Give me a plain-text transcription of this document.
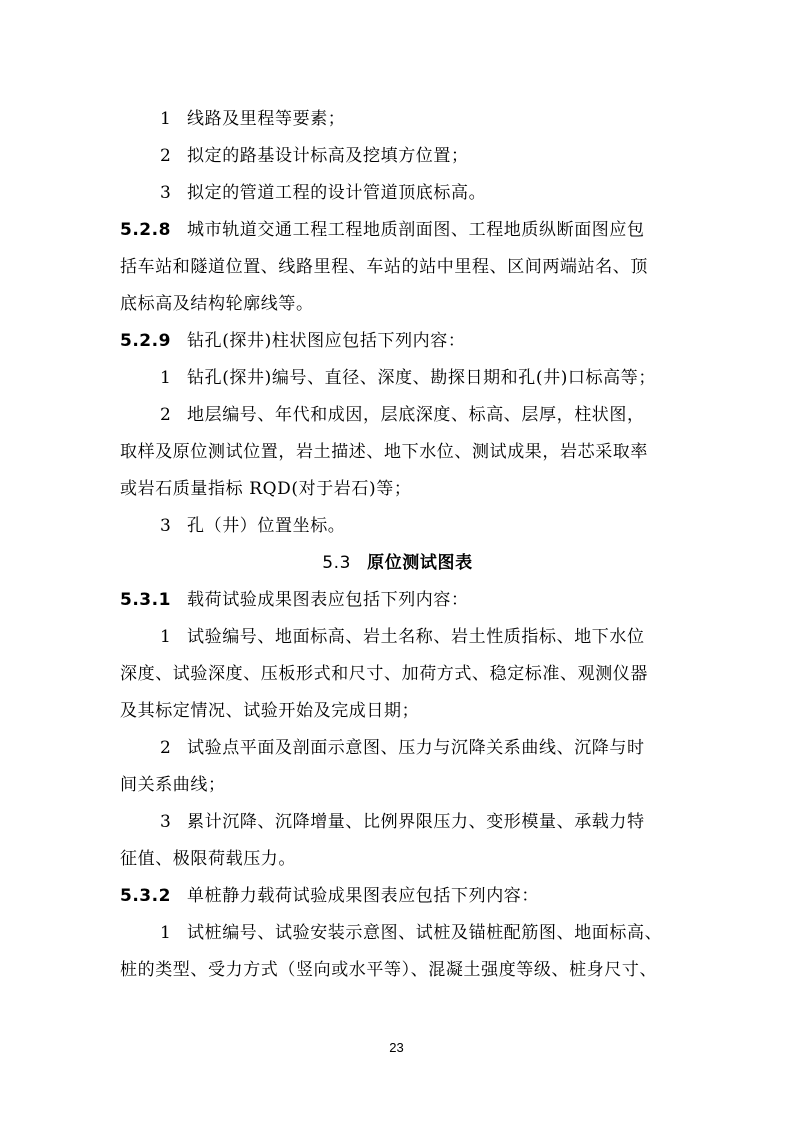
1 线路及里程等要素；
2 拟定的路基设计标高及挖填方位置；
3 拟定的管道工程的设计管道顶底标高。
5.2.8 城市轨道交通工程工程地质剖面图、工程地质纵断面图应包
括车站和隧道位置、线路里程、车站的站中里程、区间两端站名、顶
底标高及结构轮廓线等。
5.2.9 钻孔(探井)柱状图应包括下列内容：
1 钻孔(探井)编号、直径、深度、勘探日期和孔(井)口标高等；
2 地层编号、年代和成因，层底深度、标高、层厚，柱状图，
取样及原位测试位置，岩土描述、地下水位、测试成果，岩芯采取率
或岩石质量指标 RQD(对于岩石)等；
3 孔（井）位置坐标。
5.3 原位测试图表
5.3.1 载荷试验成果图表应包括下列内容：
1 试验编号、地面标高、岩土名称、岩土性质指标、地下水位
深度、试验深度、压板形式和尺寸、加荷方式、稳定标准、观测仪器
及其标定情况、试验开始及完成日期；
2 试验点平面及剖面示意图、压力与沉降关系曲线、沉降与时
间关系曲线；
3 累计沉降、沉降增量、比例界限压力、变形模量、承载力特
征值、极限荷载压力。
5.3.2 单桩静力载荷试验成果图表应包括下列内容：
1 试桩编号、试验安装示意图、试桩及锚桩配筋图、地面标高、
桩的类型、受力方式（竖向或水平等）、混凝土强度等级、桩身尺寸、
23
